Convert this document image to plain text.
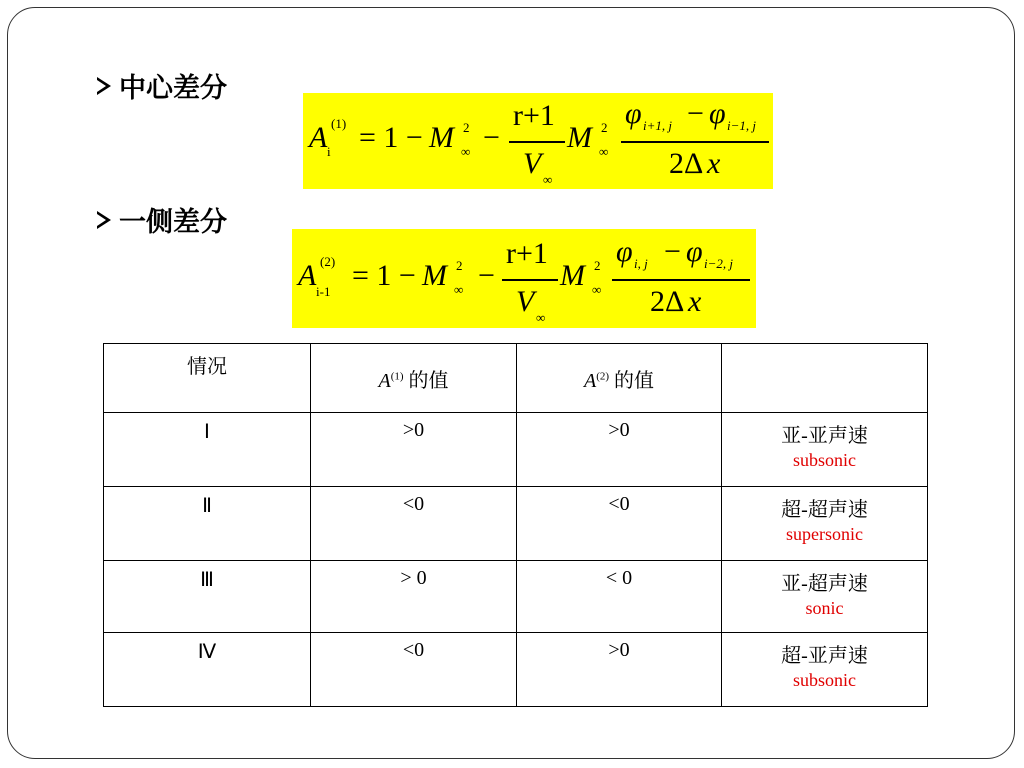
中心差分
A (1)
i = 1 − M 2
∞ −
r+1
V ∞
M 2
∞
φ i+1, j − φ i−1, j
2Δ x
一侧差分
A (2)
i-1 = 1 − M 2
∞ −
r+1
V ∞
M 2
∞
φ i, j − φ i−2, j
2Δ x
情况	$A^{(1)}$ 的值	$A^{(2)}$ 的值	
Ⅰ	>0	>0	亚-亚声速
subsonic

Ⅱ	<0	<0	超-超声速
supersonic

Ⅲ	> 0	< 0	亚-超声速
sonic

Ⅳ	<0	>0	超-亚声速
subsonic
